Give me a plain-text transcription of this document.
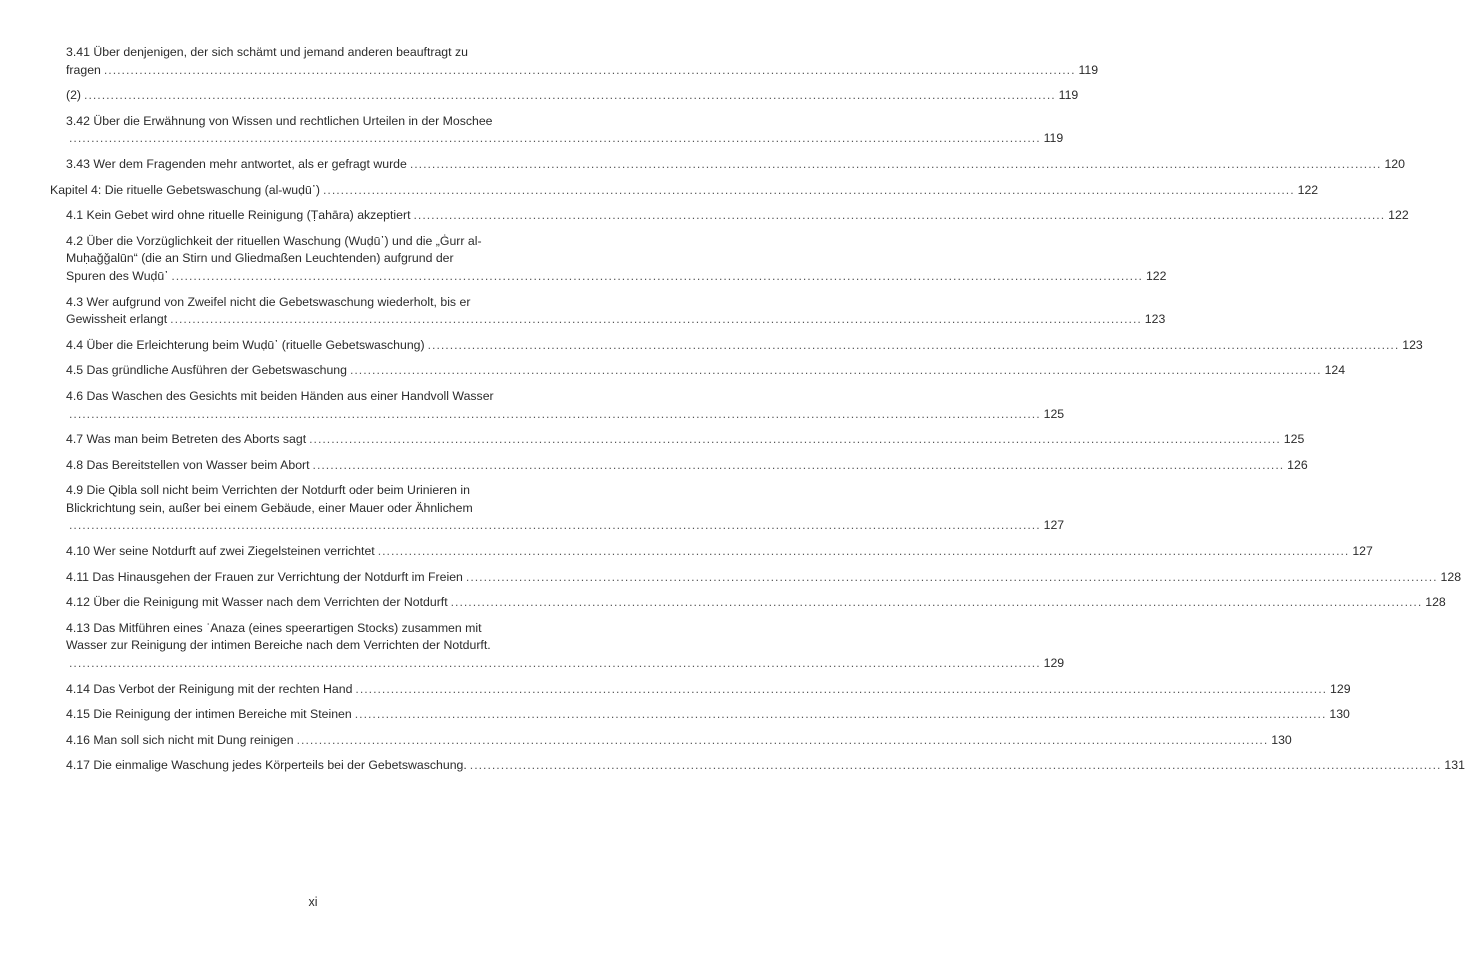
3.41 Über denjenigen, der sich schämt und jemand anderen beauftragt zu
fragen ............................................................................................................................................................................................................................ 119
(2) ............................................................................................................................................................................................................................ 119
3.42 Über die Erwähnung von Wissen und rechtlichen Urteilen in der Moschee
............................................................................................................................................................................................................................ 119
3.43 Wer dem Fragenden mehr antwortet, als er gefragt wurde ............................................................................................................................................................................................................................ 120
Kapitel 4: Die rituelle Gebetswaschung (al-wuḍū᾽) ............................................................................................................................................................................................................................ 122
4.1 Kein Gebet wird ohne rituelle Reinigung (Ṭahāra) akzeptiert ............................................................................................................................................................................................................................ 122
4.2 Über die Vorzüglichkeit der rituellen Waschung (Wuḍū᾽) und die „Ġurr al-
Muḥaǧǧalūn“ (die an Stirn und Gliedmaßen Leuchtenden) aufgrund der
Spuren des Wuḍū᾽ ............................................................................................................................................................................................................................ 122
4.3 Wer aufgrund von Zweifel nicht die Gebetswaschung wiederholt, bis er
Gewissheit erlangt ............................................................................................................................................................................................................................ 123
4.4 Über die Erleichterung beim Wuḍū᾽ (rituelle Gebetswaschung) ............................................................................................................................................................................................................................ 123
4.5 Das gründliche Ausführen der Gebetswaschung ............................................................................................................................................................................................................................ 124
4.6 Das Waschen des Gesichts mit beiden Händen aus einer Handvoll Wasser
............................................................................................................................................................................................................................ 125
4.7 Was man beim Betreten des Aborts sagt ............................................................................................................................................................................................................................ 125
4.8 Das Bereitstellen von Wasser beim Abort ............................................................................................................................................................................................................................ 126
4.9 Die Qibla soll nicht beim Verrichten der Notdurft oder beim Urinieren in
Blickrichtung sein, außer bei einem Gebäude, einer Mauer oder Ähnlichem
............................................................................................................................................................................................................................ 127
4.10 Wer seine Notdurft auf zwei Ziegelsteinen verrichtet ............................................................................................................................................................................................................................ 127
4.11 Das Hinausgehen der Frauen zur Verrichtung der Notdurft im Freien ............................................................................................................................................................................................................................ 128
4.12 Über die Reinigung mit Wasser nach dem Verrichten der Notdurft ............................................................................................................................................................................................................................ 128
4.13 Das Mitführen eines ʿAnaza (eines speerartigen Stocks) zusammen mit
Wasser zur Reinigung der intimen Bereiche nach dem Verrichten der Notdurft.
............................................................................................................................................................................................................................ 129
4.14 Das Verbot der Reinigung mit der rechten Hand ............................................................................................................................................................................................................................ 129
4.15 Die Reinigung der intimen Bereiche mit Steinen ............................................................................................................................................................................................................................ 130
4.16 Man soll sich nicht mit Dung reinigen ............................................................................................................................................................................................................................ 130
4.17 Die einmalige Waschung jedes Körperteils bei der Gebetswaschung. ............................................................................................................................................................................................................................ 131
xi
